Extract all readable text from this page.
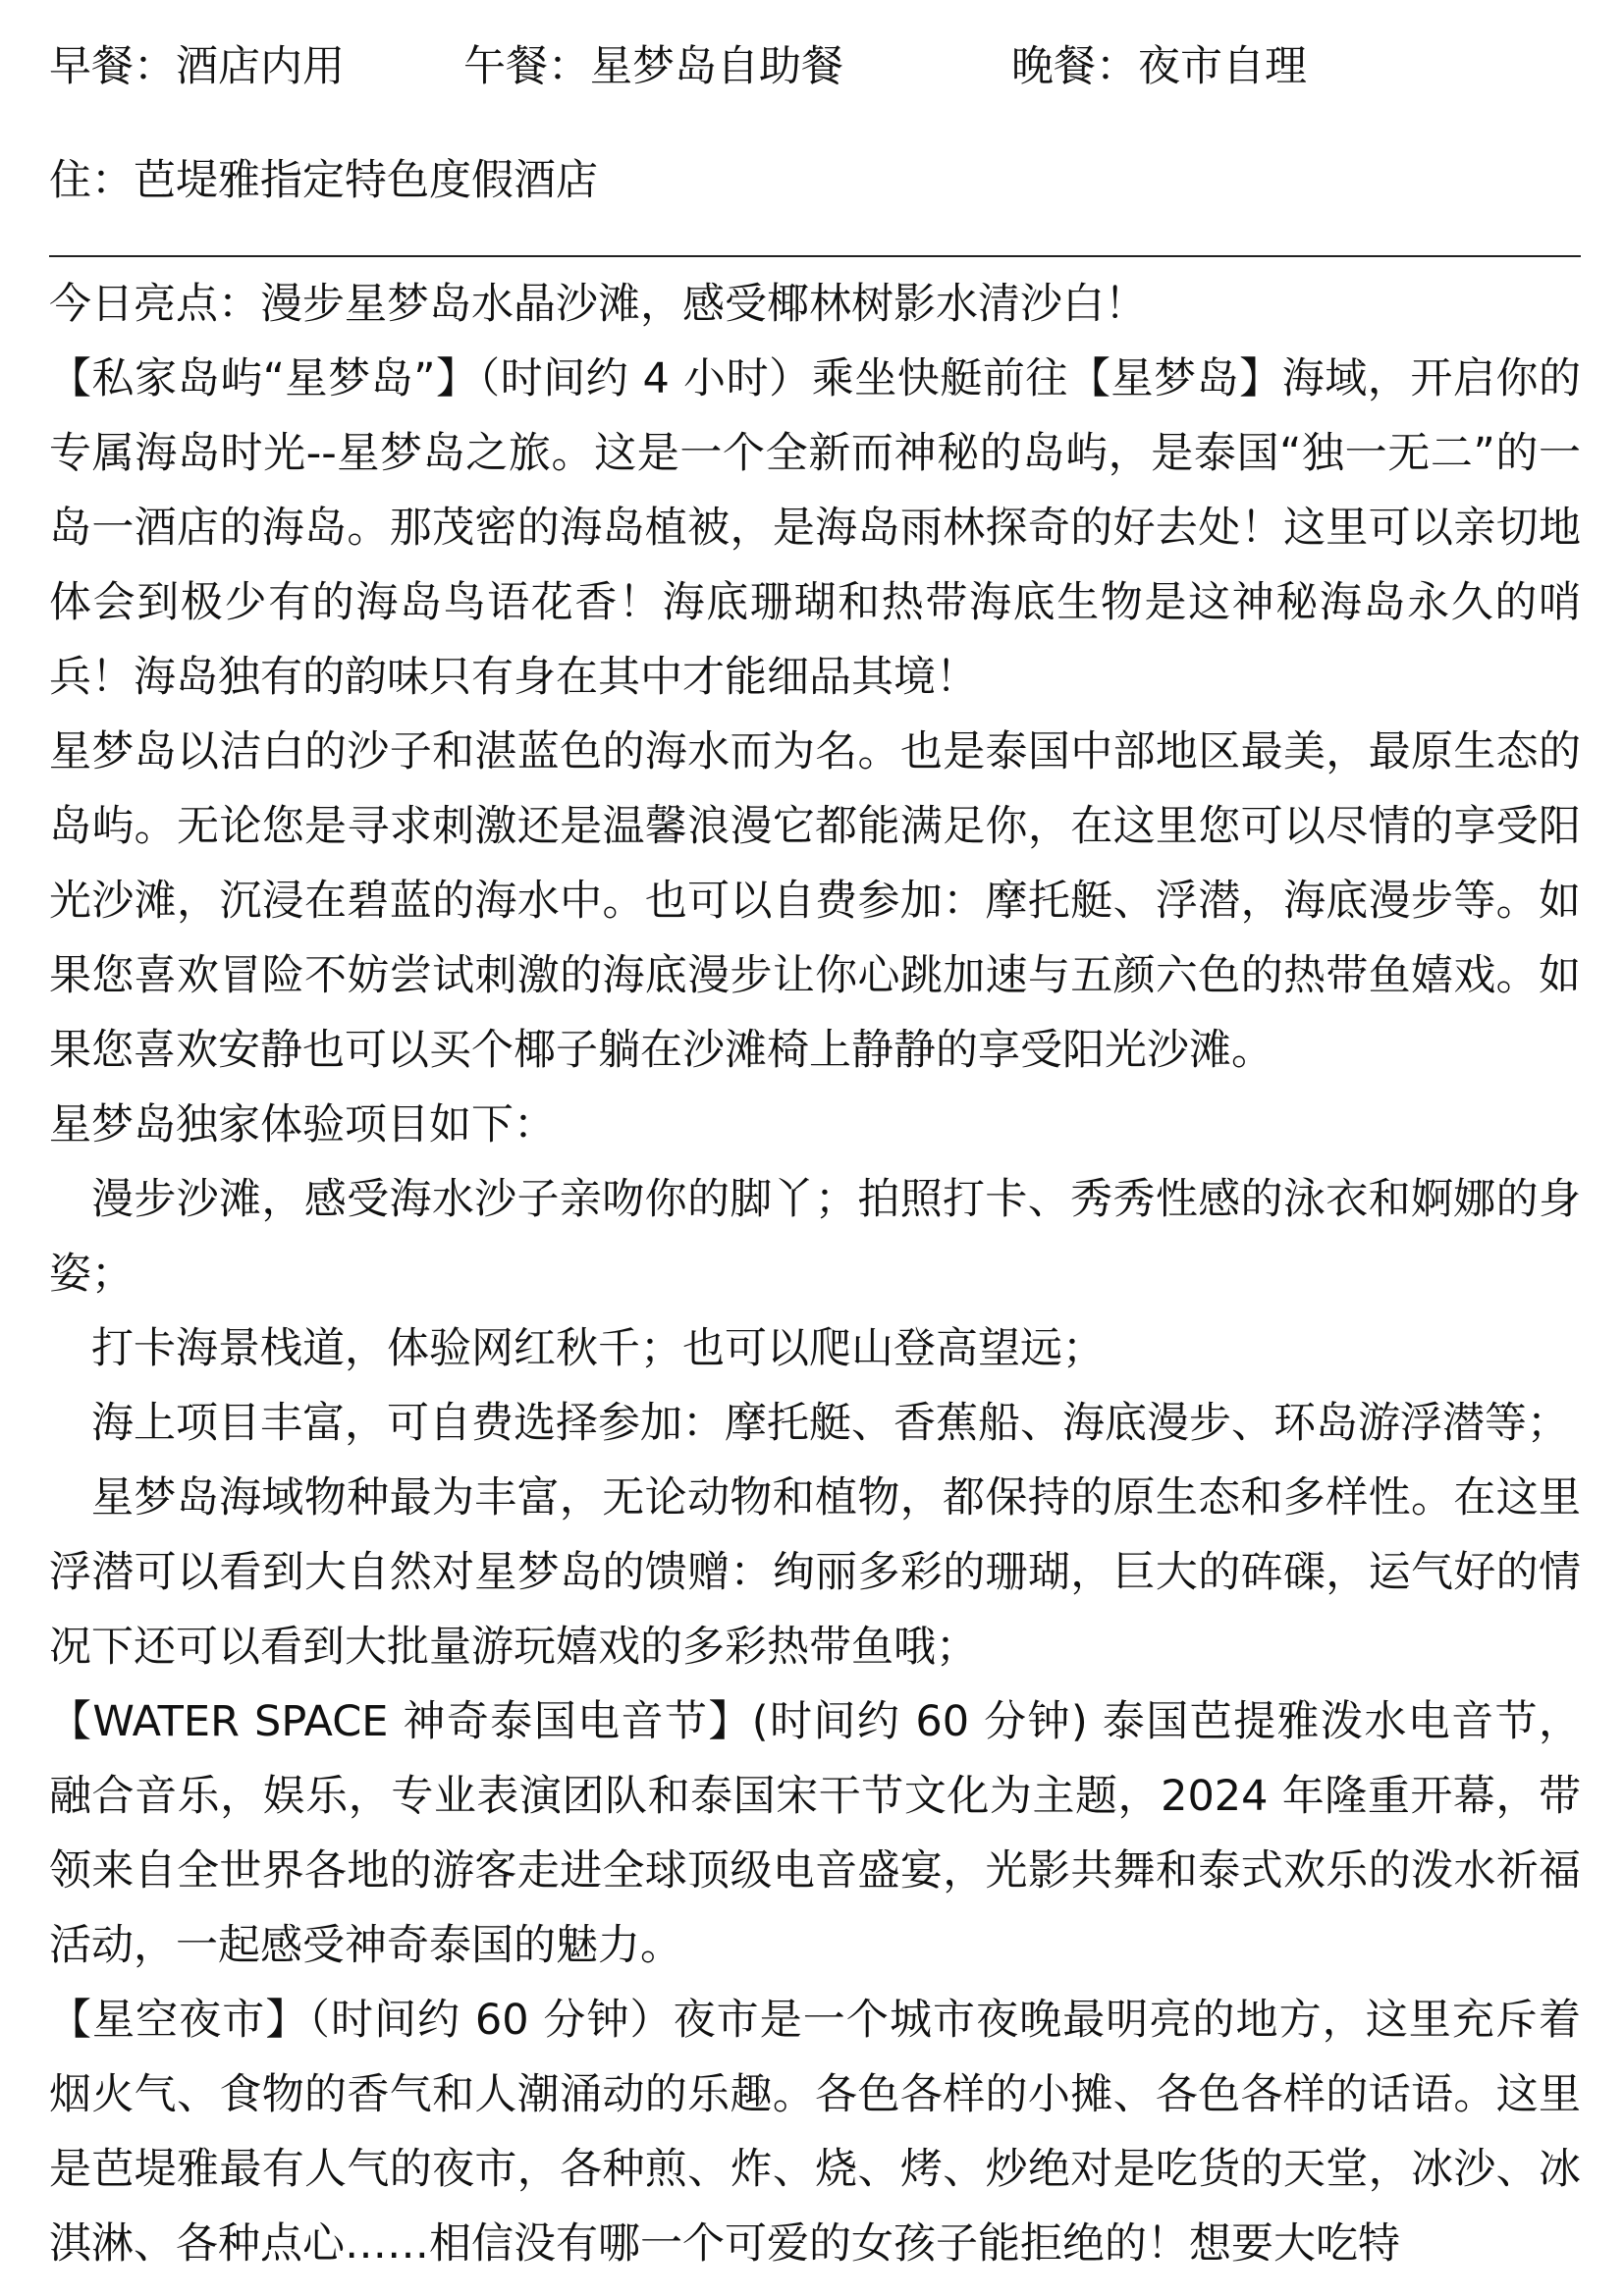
早餐：酒店内用	午餐：星梦岛自助餐	晚餐：夜市自理
住：芭堤雅指定特色度假酒店

今日亮点：漫步星梦岛水晶沙滩，感受椰林树影水清沙白！

【私家岛屿“星梦岛”】（时间约 4 小时）乘坐快艇前往【星梦岛】海域，开启你的专属海岛时光--星梦岛之旅。这是一个全新而神秘的岛屿，是泰国“独一无二”的一岛一酒店的海岛。那茂密的海岛植被，是海岛雨林探奇的好去处！这里可以亲切地体会到极少有的海岛鸟语花香！海底珊瑚和热带海底生物是这神秘海岛永久的哨兵！海岛独有的韵味只有身在其中才能细品其境！

星梦岛以洁白的沙子和湛蓝色的海水而为名。也是泰国中部地区最美，最原生态的岛屿。无论您是寻求刺激还是温馨浪漫它都能满足你，在这里您可以尽情的享受阳光沙滩，沉浸在碧蓝的海水中。也可以自费参加：摩托艇、浮潜，海底漫步等。如果您喜欢冒险不妨尝试刺激的海底漫步让你心跳加速与五颜六色的热带鱼嬉戏。如果您喜欢安静也可以买个椰子躺在沙滩椅上静静的享受阳光沙滩。

星梦岛独家体验项目如下：

漫步沙滩，感受海水沙子亲吻你的脚丫；拍照打卡、秀秀性感的泳衣和婀娜的身姿；

打卡海景栈道，体验网红秋千；也可以爬山登高望远；

海上项目丰富，可自费选择参加：摩托艇、香蕉船、海底漫步、环岛游浮潜等；

星梦岛海域物种最为丰富，无论动物和植物，都保持的原生态和多样性。在这里浮潜可以看到大自然对星梦岛的馈赠：绚丽多彩的珊瑚，巨大的砗磲，运气好的情况下还可以看到大批量游玩嬉戏的多彩热带鱼哦；

【WATER SPACE 神奇泰国电音节】(时间约 60 分钟) 泰国芭提雅泼水电音节，融合音乐，娱乐，专业表演团队和泰国宋干节文化为主题，2024 年隆重开幕，带领来自全世界各地的游客走进全球顶级电音盛宴，光影共舞和泰式欢乐的泼水祈福活动，一起感受神奇泰国的魅力。

【星空夜市】（时间约 60 分钟）夜市是一个城市夜晚最明亮的地方，这里充斥着烟火气、食物的香气和人潮涌动的乐趣。各色各样的小摊、各色各样的话语。这里是芭堤雅最有人气的夜市，各种煎、炸、烧、烤、炒绝对是吃货的天堂，冰沙、冰淇淋、各种点心……相信没有哪一个可爱的女孩子能拒绝的！想要大吃特
